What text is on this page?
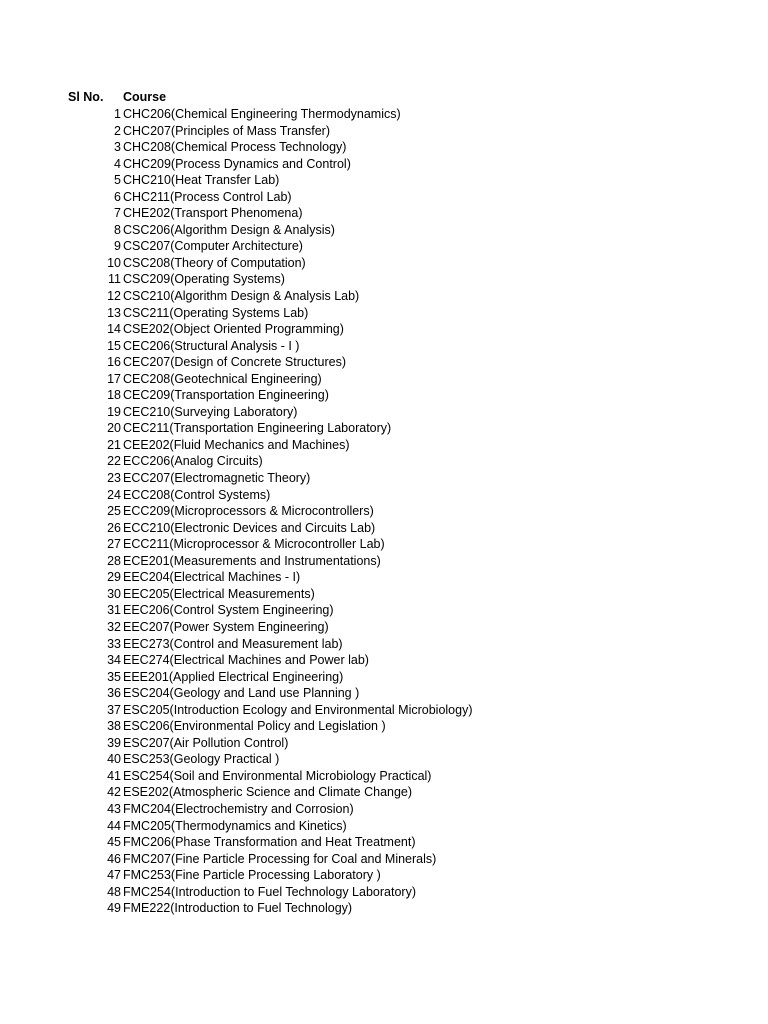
Sl No. Course
1 CHC206(Chemical Engineering Thermodynamics)
2 CHC207(Principles of Mass Transfer)
3 CHC208(Chemical Process Technology)
4 CHC209(Process Dynamics and Control)
5 CHC210(Heat Transfer Lab)
6 CHC211(Process Control Lab)
7 CHE202(Transport Phenomena)
8 CSC206(Algorithm Design & Analysis)
9 CSC207(Computer Architecture)
10 CSC208(Theory of Computation)
11 CSC209(Operating Systems)
12 CSC210(Algorithm Design & Analysis Lab)
13 CSC211(Operating Systems Lab)
14 CSE202(Object Oriented Programming)
15 CEC206(Structural Analysis - I )
16 CEC207(Design of Concrete Structures)
17 CEC208(Geotechnical Engineering)
18 CEC209(Transportation Engineering)
19 CEC210(Surveying Laboratory)
20 CEC211(Transportation Engineering Laboratory)
21 CEE202(Fluid Mechanics and Machines)
22 ECC206(Analog Circuits)
23 ECC207(Electromagnetic Theory)
24 ECC208(Control Systems)
25 ECC209(Microprocessors & Microcontrollers)
26 ECC210(Electronic Devices and Circuits Lab)
27 ECC211(Microprocessor & Microcontroller Lab)
28 ECE201(Measurements and Instrumentations)
29 EEC204(Electrical Machines - I)
30 EEC205(Electrical Measurements)
31 EEC206(Control System Engineering)
32 EEC207(Power System Engineering)
33 EEC273(Control and Measurement lab)
34 EEC274(Electrical Machines and Power lab)
35 EEE201(Applied Electrical Engineering)
36 ESC204(Geology and Land use Planning )
37 ESC205(Introduction Ecology and Environmental Microbiology)
38 ESC206(Environmental Policy and Legislation )
39 ESC207(Air Pollution Control)
40 ESC253(Geology Practical )
41 ESC254(Soil and Environmental Microbiology Practical)
42 ESE202(Atmospheric Science and Climate Change)
43 FMC204(Electrochemistry and Corrosion)
44 FMC205(Thermodynamics and Kinetics)
45 FMC206(Phase Transformation and Heat Treatment)
46 FMC207(Fine Particle Processing for Coal and Minerals)
47 FMC253(Fine Particle Processing Laboratory )
48 FMC254(Introduction to Fuel Technology Laboratory)
49 FME222(Introduction to Fuel Technology)
